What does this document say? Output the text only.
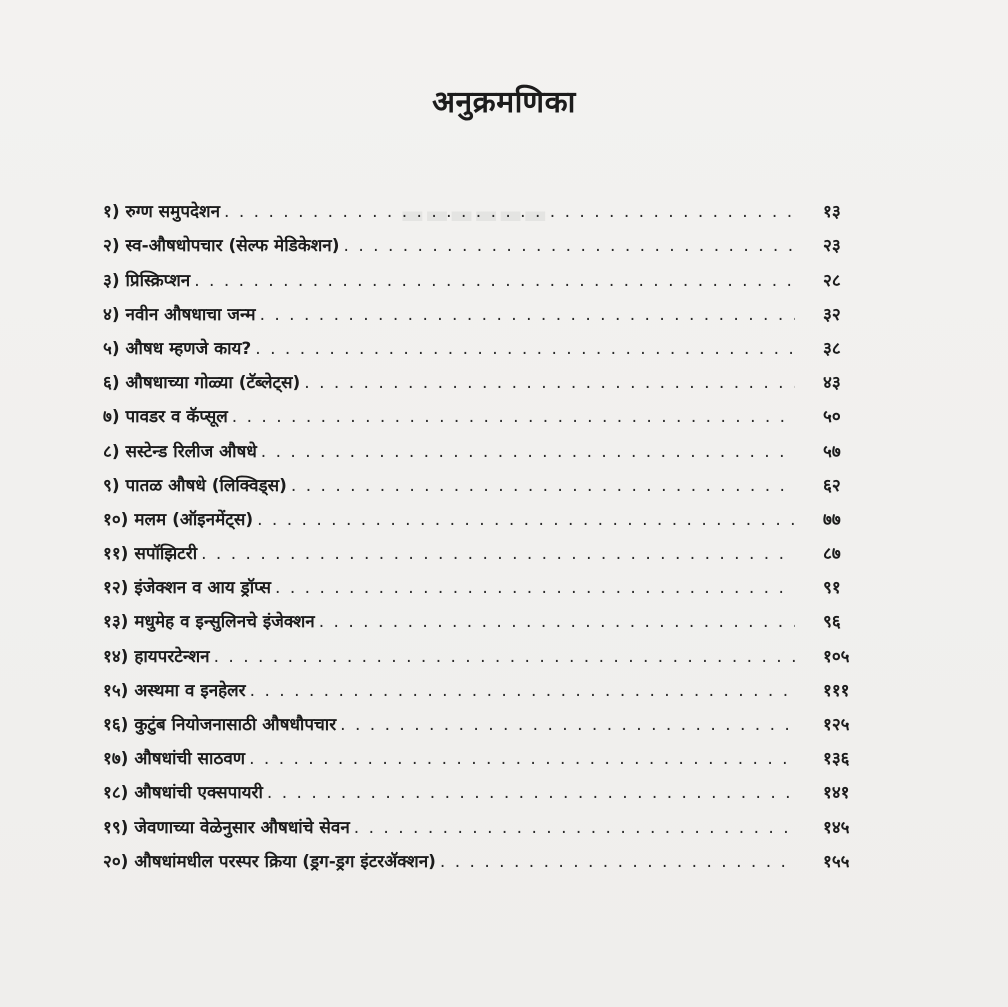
▬▬▬▬▬▬
अनुक्रमणिका
१) रुग्ण समुपदेशन . . .	१३
२) स्व-औषधोपचार (सेल्फ मेडिकेशन) . . .	२३
३) प्रिस्क्रिप्शन . . .	२८
४) नवीन औषधाचा जन्म . . .	३२
५) औषध म्हणजे काय? . . .	३८
६) औषधाच्या गोळ्या (टॅब्लेट्स) . . .	४३
७) पावडर व कॅप्सूल . . .	५०
८) सस्टेन्ड रिलीज औषधे . . .	५७
९) पातळ औषधे (लिक्विड्स) . . .	६२
१०) मलम (ऑइनमेंट्स) . . .	७७
११) सपॉझिटरी . . .	८७
१२) इंजेक्शन व आय ड्रॉप्स . . .	९१
१३) मधुमेह व इन्सुलिनचे इंजेक्शन . . .	९६
१४) हायपरटेन्शन . . .	१०५
१५) अस्थमा व इनहेलर . . .	१११
१६) कुटुंब नियोजनासाठी औषधौपचार . . .	१२५
१७) औषधांची साठवण . . .	१३६
१८) औषधांची एक्सपायरी . . .	१४१
१९) जेवणाच्या वेळेनुसार औषधांचे सेवन . . .	१४५
२०) औषधांमधील परस्पर क्रिया (ड्रग-ड्रग इंटरॲक्शन) . . .	१५५
